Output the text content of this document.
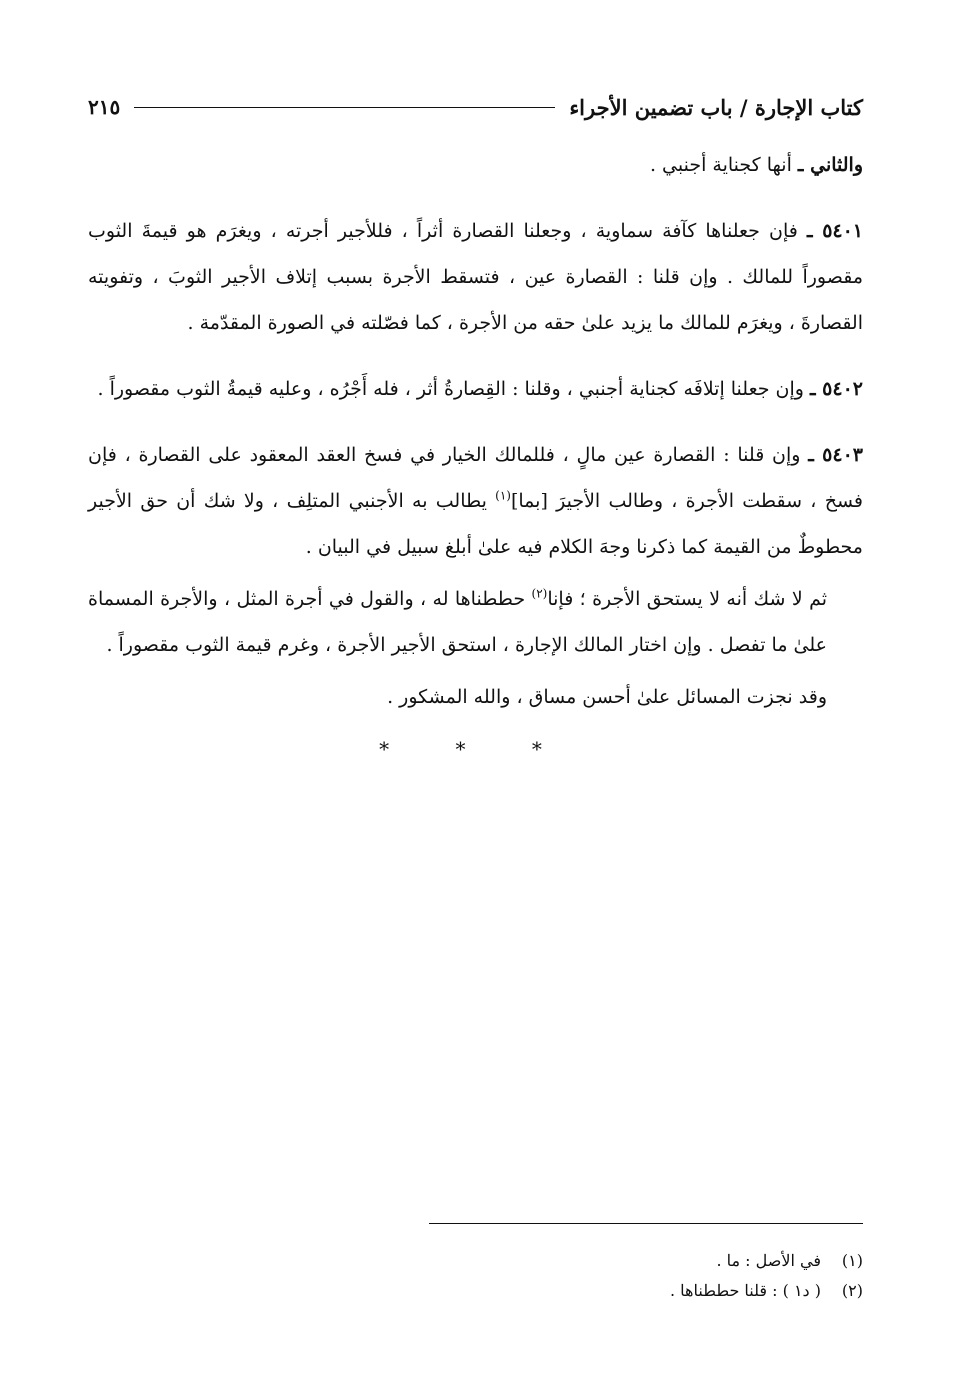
كتاب الإجارة / باب تضمين الأجراء
٢١٥

والثاني ـ أنها كجناية أجنبي .

٥٤٠١ ـ فإن جعلناها كآفة سماوية ، وجعلنا القصارة أثراً ، فللأجير أجرته ، ويغرَم هو قيمةَ الثوب مقصوراً للمالك . وإن قلنا : القصارة عين ، فتسقط الأجرة بسبب إتلاف الأجير الثوبَ ، وتفويته القصارةَ ، ويغرَم للمالك ما يزيد علىٰ حقه من الأجرة ، كما فصّلته في الصورة المقدّمة .

٥٤٠٢ ـ وإن جعلنا إتلافَه كجناية أجنبي ، وقلنا : القِصارةُ أثر ، فله أَجْرُه ، وعليه قيمةُ الثوب مقصوراً .

٥٤٠٣ ـ وإن قلنا : القصارة عين مالٍ ، فللمالك الخيار في فسخ العقد المعقود على القصارة ، فإن فسخ ، سقطت الأجرة ، وطالب الأجيرَ [بما]$^{(١)}$ يطالب به الأجنبي المتلِف ، ولا شك أن حق الأجير محطوطٌ من القيمة كما ذكرنا وجهَ الكلام فيه علىٰ أبلغ سبيل في البيان .

ثم لا شك أنه لا يستحق الأجرة ؛ فإنا$^{(٢)}$ حططناها له ، والقول في أجرة المثل ، والأجرة المسماة علىٰ ما تفصل . وإن اختار المالك الإجارة ، استحق الأجير الأجرة ، وغرم قيمة الثوب مقصوراً .

وقد نجزت المسائل علىٰ أحسن مساق ، والله المشكور .

* * *
(١)
في الأصل : ما .
(٢)
( د١ ) : قلنا حططناها .
